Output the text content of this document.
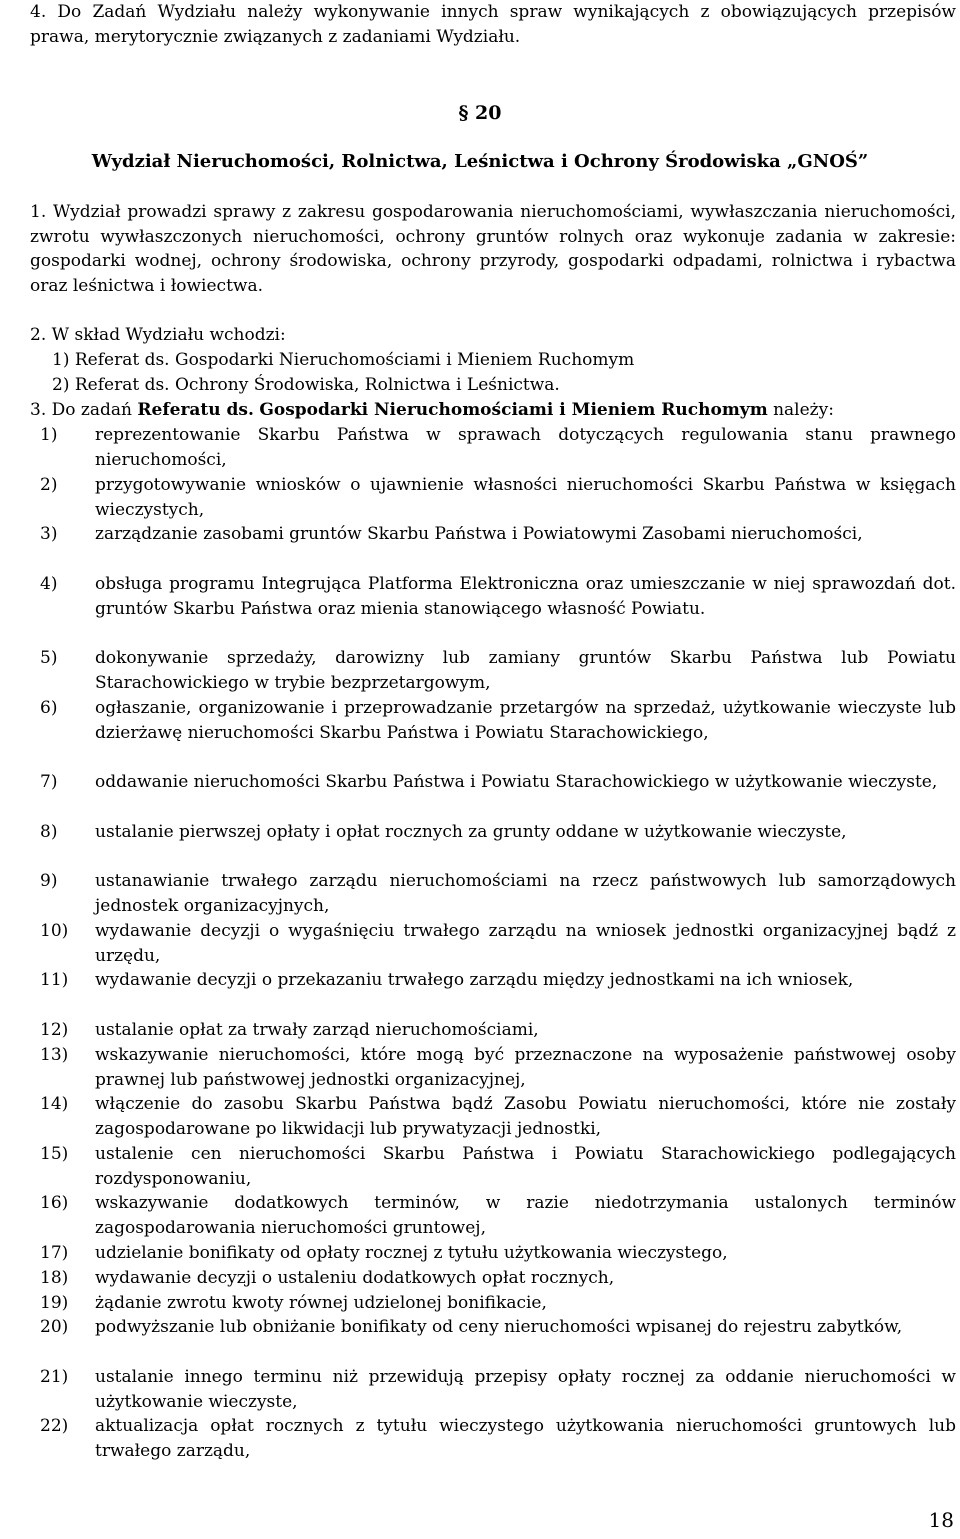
4. Do Zadań Wydziału należy wykonywanie innych spraw wynikających z obowiązujących przepisów prawa, merytorycznie związanych z zadaniami Wydziału.
§ 20
Wydział Nieruchomości, Rolnictwa, Leśnictwa i Ochrony Środowiska „GNOŚ”
1. Wydział prowadzi sprawy z zakresu gospodarowania nieruchomościami, wywłaszczania nieruchomości, zwrotu wywłaszczonych nieruchomości, ochrony gruntów rolnych oraz wykonuje zadania w zakresie: gospodarki wodnej, ochrony środowiska, ochrony przyrody, gospodarki odpadami, rolnictwa i rybactwa oraz leśnictwa i łowiectwa.
2. W skład Wydziału wchodzi:
1) Referat ds. Gospodarki Nieruchomościami i Mieniem Ruchomym
2) Referat ds. Ochrony Środowiska, Rolnictwa i Leśnictwa.
3. Do zadań Referatu ds. Gospodarki Nieruchomościami i Mieniem Ruchomym należy:
1) reprezentowanie Skarbu Państwa w sprawach dotyczących regulowania stanu prawnego nieruchomości,
2) przygotowywanie wniosków o ujawnienie własności nieruchomości Skarbu Państwa w księgach wieczystych,
3) zarządzanie zasobami gruntów Skarbu Państwa i Powiatowymi Zasobami nieruchomości,
4) obsługa programu Integrująca Platforma Elektroniczna oraz umieszczanie w niej sprawozdań dot. gruntów Skarbu Państwa oraz mienia stanowiącego własność Powiatu.
5) dokonywanie sprzedaży, darowizny lub zamiany gruntów Skarbu Państwa lub Powiatu Starachowickiego w trybie bezprzetargowym,
6) ogłaszanie, organizowanie i przeprowadzanie przetargów na sprzedaż, użytkowanie wieczyste lub dzierżawę nieruchomości Skarbu Państwa i Powiatu Starachowickiego,
7) oddawanie nieruchomości Skarbu Państwa i Powiatu Starachowickiego w użytkowanie wieczyste,
8) ustalanie pierwszej opłaty i opłat rocznych za grunty oddane w użytkowanie wieczyste,
9) ustanawianie trwałego zarządu nieruchomościami na rzecz państwowych lub samorządowych jednostek organizacyjnych,
10) wydawanie decyzji o wygaśnięciu trwałego zarządu na wniosek jednostki organizacyjnej bądź z urzędu,
11) wydawanie decyzji o przekazaniu trwałego zarządu między jednostkami na ich wniosek,
12) ustalanie opłat za trwały zarząd nieruchomościami,
13) wskazywanie nieruchomości, które mogą być przeznaczone na wyposażenie państwowej osoby prawnej lub państwowej jednostki organizacyjnej,
14) włączenie do zasobu Skarbu Państwa bądź Zasobu Powiatu nieruchomości, które nie zostały zagospodarowane po likwidacji lub prywatyzacji jednostki,
15) ustalenie cen nieruchomości Skarbu Państwa i Powiatu Starachowickiego podlegających rozdysponowaniu,
16) wskazywanie dodatkowych terminów, w razie niedotrzymania ustalonych terminów zagospodarowania nieruchomości gruntowej,
17) udzielanie bonifikaty od opłaty rocznej z tytułu użytkowania wieczystego,
18) wydawanie decyzji o ustaleniu dodatkowych opłat rocznych,
19) żądanie zwrotu kwoty równej udzielonej bonifikacie,
20) podwyższanie lub obniżanie bonifikaty od ceny nieruchomości wpisanej do rejestru zabytków,
21) ustalanie innego terminu niż przewidują przepisy opłaty rocznej za oddanie nieruchomości w użytkowanie wieczyste,
22) aktualizacja opłat rocznych z tytułu wieczystego użytkowania nieruchomości gruntowych lub trwałego zarządu,
18
